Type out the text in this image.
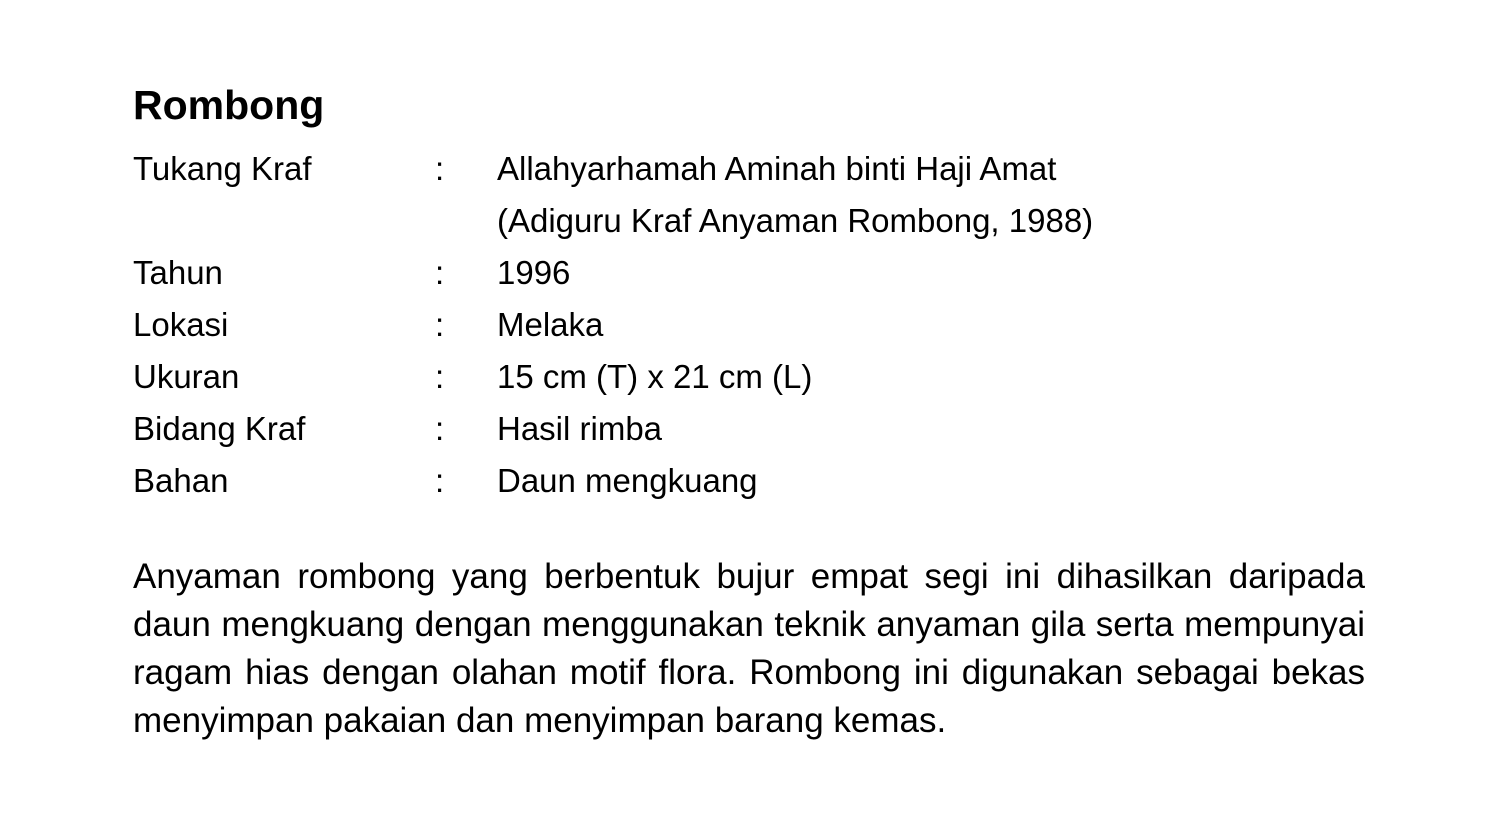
Rombong
Tukang Kraf	:	Allahyarhamah Aminah binti Haji Amat
(Adiguru Kraf Anyaman Rombong, 1988)
Tahun	:	1996
Lokasi	:	Melaka
Ukuran	:	15 cm (T) x 21 cm (L)
Bidang Kraf	:	Hasil rimba
Bahan	:	Daun mengkuang
Anyaman rombong yang berbentuk bujur empat segi ini dihasilkan daripada
daun mengkuang dengan menggunakan teknik anyaman gila serta mempunyai
ragam hias dengan olahan motif flora. Rombong ini digunakan sebagai bekas
menyimpan pakaian dan menyimpan barang kemas.
